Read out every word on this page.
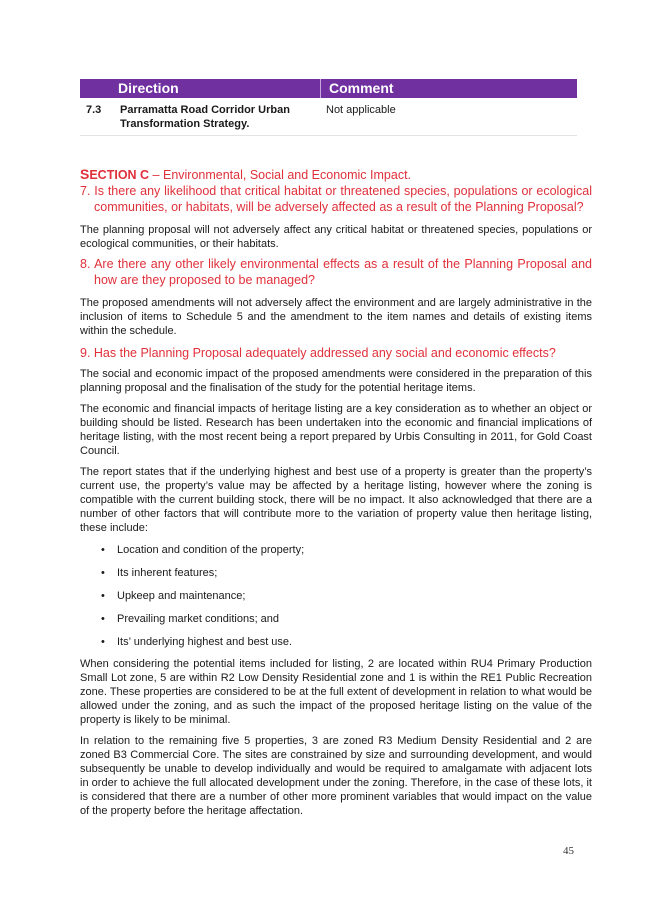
Direction	Comment
7.3	Parramatta Road Corridor Urban Transformation Strategy.
Not applicable

SECTION C – Environmental, Social and Economic Impact.

7. Is there any likelihood that critical habitat or threatened species, populations or ecological communities, or habitats, will be adversely affected as a result of the Planning Proposal?

The planning proposal will not adversely affect any critical habitat or threatened species, populations or ecological communities, or their habitats.

8. Are there any other likely environmental effects as a result of the Planning Proposal and how are they proposed to be managed?

The proposed amendments will not adversely affect the environment and are largely administrative in the inclusion of items to Schedule 5 and the amendment to the item names and details of existing items within the schedule.

9. Has the Planning Proposal adequately addressed any social and economic effects?

The social and economic impact of the proposed amendments were considered in the preparation of this planning proposal and the finalisation of the study for the potential heritage items.

The economic and financial impacts of heritage listing are a key consideration as to whether an object or building should be listed. Research has been undertaken into the economic and financial implications of heritage listing, with the most recent being a report prepared by Urbis Consulting in 2011, for Gold Coast Council.

The report states that if the underlying highest and best use of a property is greater than the property’s current use, the property’s value may be affected by a heritage listing, however where the zoning is compatible with the current building stock, there will be no impact. It also acknowledged that there are a number of other factors that will contribute more to the variation of property value then heritage listing, these include:

• Location and condition of the property;
• Its inherent features;
• Upkeep and maintenance;
• Prevailing market conditions; and
• Its’ underlying highest and best use.

When considering the potential items included for listing, 2 are located within RU4 Primary Production Small Lot zone, 5 are within R2 Low Density Residential zone and 1 is within the RE1 Public Recreation zone. These properties are considered to be at the full extent of development in relation to what would be allowed under the zoning, and as such the impact of the proposed heritage listing on the value of the property is likely to be minimal.

In relation to the remaining five 5 properties, 3 are zoned R3 Medium Density Residential and 2 are zoned B3 Commercial Core. The sites are constrained by size and surrounding development, and would subsequently be unable to develop individually and would be required to amalgamate with adjacent lots in order to achieve the full allocated development under the zoning. Therefore, in the case of these lots, it is considered that there are a number of other more prominent variables that would impact on the value of the property before the heritage affectation.

45
